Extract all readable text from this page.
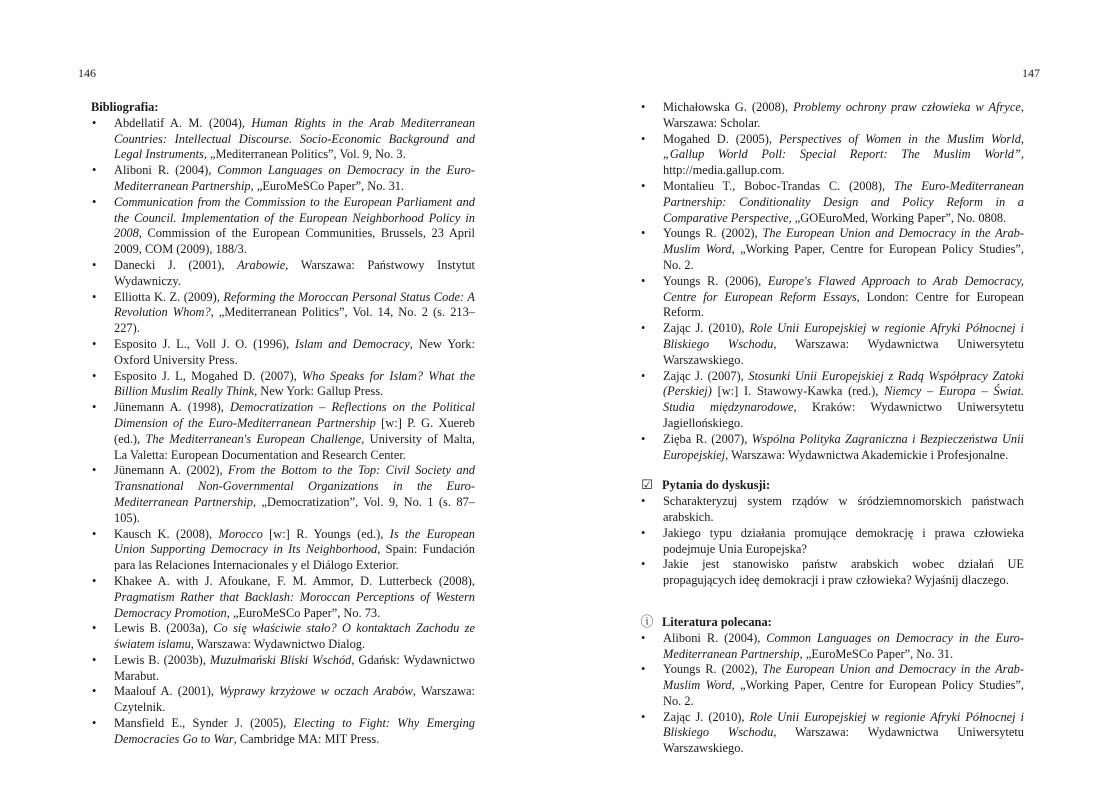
146

Bibliografia:

• Abdellatif A. M. (2004), Human Rights in the Arab Mediterranean Countries: Intellectual Discourse. Socio-Economic Background and Legal Instruments, „Mediterranean Politics”, Vol. 9, No. 3.
• Aliboni R. (2004), Common Languages on Democracy in the Euro-Mediterranean Partnership, „EuroMeSCo Paper”, No. 31.
• Communication from the Commission to the European Parliament and the Council. Implementation of the European Neighborhood Policy in 2008, Commission of the European Communities, Brussels, 23 April 2009, COM (2009), 188/3.
• Danecki J. (2001), Arabowie, Warszawa: Państwowy Instytut Wydawniczy.
• Elliotta K. Z. (2009), Reforming the Moroccan Personal Status Code: A Revolution Whom?, „Mediterranean Politics”, Vol. 14, No. 2 (s. 213–227).
• Esposito J. L., Voll J. O. (1996), Islam and Democracy, New York: Oxford University Press.
• Esposito J. L, Mogahed D. (2007), Who Speaks for Islam? What the Billion Muslim Really Think, New York: Gallup Press.
• Jünemann A. (1998), Democratization – Reflections on the Political Dimension of the Euro-Mediterranean Partnership [w:] P. G. Xuereb (ed.), The Mediterranean's European Challenge, University of Malta, La Valetta: European Documentation and Research Center.
• Jünemann A. (2002), From the Bottom to the Top: Civil Society and Transnational Non-Governmental Organizations in the Euro-Mediterranean Partnership, „Democratization”, Vol. 9, No. 1 (s. 87–105).
• Kausch K. (2008), Morocco [w:] R. Youngs (ed.), Is the European Union Supporting Democracy in Its Neighborhood, Spain: Fundación para las Relaciones Internacionales y el Diálogo Exterior.
• Khakee A. with J. Afoukane, F. M. Ammor, D. Lutterbeck (2008), Pragmatism Rather that Backlash: Moroccan Perceptions of Western Democracy Promotion, „EuroMeSCo Paper”, No. 73.
• Lewis B. (2003a), Co się właściwie stało? O kontaktach Zachodu ze światem islamu, Warszawa: Wydawnictwo Dialog.
• Lewis B. (2003b), Muzułmański Bliski Wschód, Gdańsk: Wydawnictwo Marabut.
• Maalouf A. (2001), Wyprawy krzyżowe w oczach Arabów, Warszawa: Czytelnik.
• Mansfield E., Synder J. (2005), Electing to Fight: Why Emerging Democracies Go to War, Cambridge MA: MIT Press.
147
• Michałowska G. (2008), Problemy ochrony praw człowieka w Afryce, Warszawa: Scholar.
• Mogahed D. (2005), Perspectives of Women in the Muslim World, „Gallup World Poll: Special Report: The Muslim World”, http://media.gallup.com.
• Montalieu T., Boboc-Trandas C. (2008), The Euro-Mediterranean Partnership: Conditionality Design and Policy Reform in a Comparative Perspective, „GOEuroMed, Working Paper”, No. 0808.
• Youngs R. (2002), The European Union and Democracy in the Arab-Muslim Word, „Working Paper, Centre for European Policy Studies”, No. 2.
• Youngs R. (2006), Europe's Flawed Approach to Arab Democracy, Centre for European Reform Essays, London: Centre for European Reform.
• Zając J. (2010), Role Unii Europejskiej w regionie Afryki Północnej i Bliskiego Wschodu, Warszawa: Wydawnictwa Uniwersytetu Warszawskiego.
• Zając J. (2007), Stosunki Unii Europejskiej z Radą Współpracy Zatoki (Perskiej) [w:] I. Stawowy-Kawka (red.), Niemcy – Europa – Świat. Studia międzynarodowe, Kraków: Wydawnictwo Uniwersytetu Jagiellońskiego.
• Zięba R. (2007), Wspólna Polityka Zagraniczna i Bezpieczeństwa Unii Europejskiej, Warszawa: Wydawnictwa Akademickie i Profesjonalne.

☑ Pytania do dyskusji:

• Scharakteryzuj system rządów w śródziemnomorskich państwach arabskich.
• Jakiego typu działania promujące demokrację i prawa człowieka podejmuje Unia Europejska?
• Jakie jest stanowisko państw arabskich wobec działań UE propagujących ideę demokracji i praw człowieka? Wyjaśnij dlaczego.

ⓘ Literatura polecana:

• Aliboni R. (2004), Common Languages on Democracy in the Euro-Mediterranean Partnership, „EuroMeSCo Paper”, No. 31.
• Youngs R. (2002), The European Union and Democracy in the Arab-Muslim Word, „Working Paper, Centre for European Policy Studies”, No. 2.
• Zając J. (2010), Role Unii Europejskiej w regionie Afryki Północnej i Bliskiego Wschodu, Warszawa: Wydawnictwa Uniwersytetu Warszawskiego.
